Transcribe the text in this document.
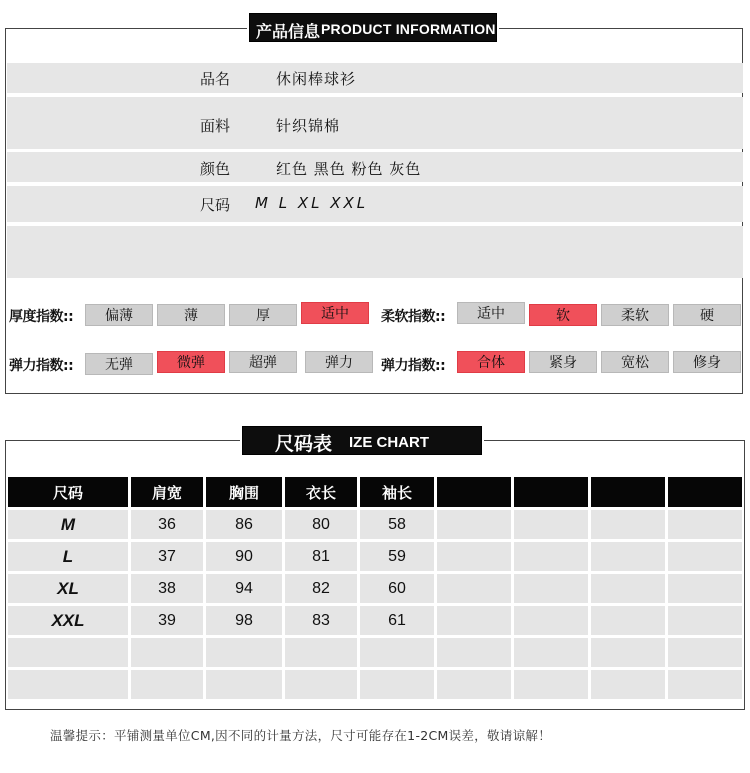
产品信息 PRODUCT INFORMATION
品名	休闲棒球衫
面料	针织锦棉
颜色	红色 黑色 粉色 灰色
尺码 M L XL XXL
厚度指数::	偏薄	薄	厚	适中	柔软指数::	适中	软	柔软	硬
弹力指数::	无弹	微弹	超弹	弹力	弹力指数::	合体	紧身	宽松	修身
尺码表 IZE CHART
尺码	肩宽	胸围	衣长	袖长				
M	36	86	80	58				
L	37	90	81	59				
XL	38	94	82	60				
XXL	39	98	83	61				

温馨提示：平铺测量单位CM,因不同的计量方法，尺寸可能存在1-2CM误差，敬请谅解！
